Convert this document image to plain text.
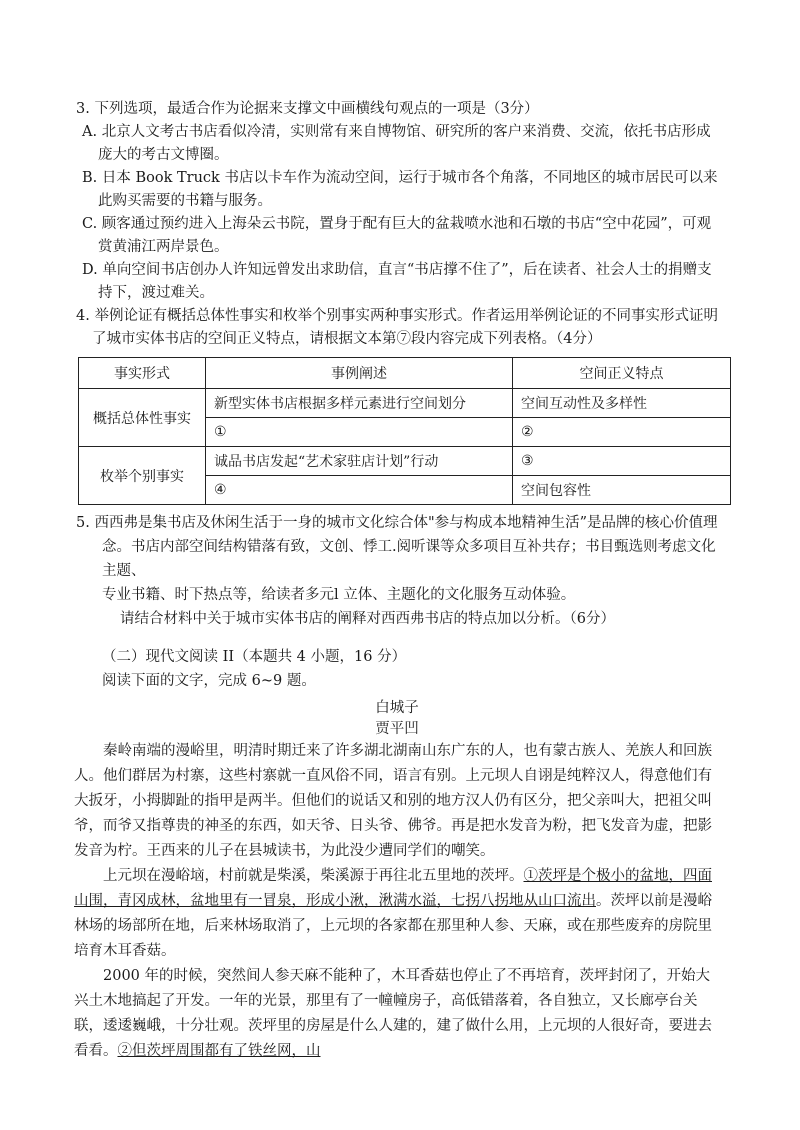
3. 下列选项，最适合作为论据来支撑文中画横线句观点的一项是（3分）

A. 北京人文考古书店看似冷清，实则常有来自博物馆、研究所的客户来消费、交流，依托书店形成庞大的考古文博圈。

B. 日本 Book Truck 书店以卡车作为流动空间，运行于城市各个角落，不同地区的城市居民可以来此购买需要的书籍与服务。

C. 顾客通过预约进入上海朵云书院，置身于配有巨大的盆栽喷水池和石墩的书店“空中花园”，可观赏黄浦江两岸景色。

D. 单向空间书店创办人许知远曾发出求助信，直言“书店撑不住了”，后在读者、社会人士的捐赠支持下，渡过难关。

4. 举例论证有概括总体性事实和枚举个别事实两种事实形式。作者运用举例论证的不同事实形式证明了城市实体书店的空间正义特点，请根据文本第⑦段内容完成下列表格。（4分）

事实形式	事例阐述	空间正义特点
概括总体性事实	新型实体书店根据多样元素进行空间划分	空间互动性及多样性
	①	②
枚举个别事实	诚品书店发起“艺术家驻店计划”行动	③
	④	空间包容性
5. 西西弗是集书店及休闲生活于一身的城市文化综合体"参与构成本地精神生活”是品牌的核心价值理
念。书店内部空间结构错落有致，文创、悸工.阅听课等众多项目互补共存；书目甄选则考虑文化主题、
专业书籍、时下热点等，给读者多元l 立体、主题化的文化服务互动体验。
请结合材料中关于城市实体书店的阐释对西西弗书店的特点加以分析。（6分）
（二）现代文阅读 II（本题共 4 小题，16 分）
阅读下面的文字，完成 6~9 题。
白城子
贾平凹

秦岭南端的漫峪里，明清时期迁来了许多湖北湖南山东广东的人，也有蒙古族人、羌族人和回族人。他们群居为村寨，这些村寨就一直风俗不同，语言有别。上元坝人自诩是纯粹汉人，得意他们有大扳牙，小拇脚趾的指甲是两半。但他们的说话又和别的地方汉人仍有区分，把父亲叫大，把祖父叫爷，而爷又指尊贵的神圣的东西，如天爷、日头爷、佛爷。再是把水发音为粉，把飞发音为虚，把影发音为柠。王西来的儿子在县城读书，为此没少遭同学们的嘲笑。

上元坝在漫峪垴，村前就是柴溪，柴溪源于再往北五里地的茨坪。①茨坪是个极小的盆地，四面山围，青冈成林，盆地里有一冒泉，形成小湫，湫满水溢，七拐八拐地从山口流出。茨坪以前是漫峪林场的场部所在地，后来林场取消了，上元坝的各家都在那里种人参、天麻，或在那些废弃的房院里培育木耳香菇。

2000 年的时候，突然间人参天麻不能种了，木耳香菇也停止了不再培育，茨坪封闭了，开始大兴土木地搞起了开发。一年的光景，那里有了一幢幢房子，高低错落着，各自独立，又长廊亭台关联，逶逶巍峨，十分壮观。茨坪里的房屋是什么人建的，建了做什么用，上元坝的人很好奇，要进去看看。②但茨坪周围都有了铁丝网，山
